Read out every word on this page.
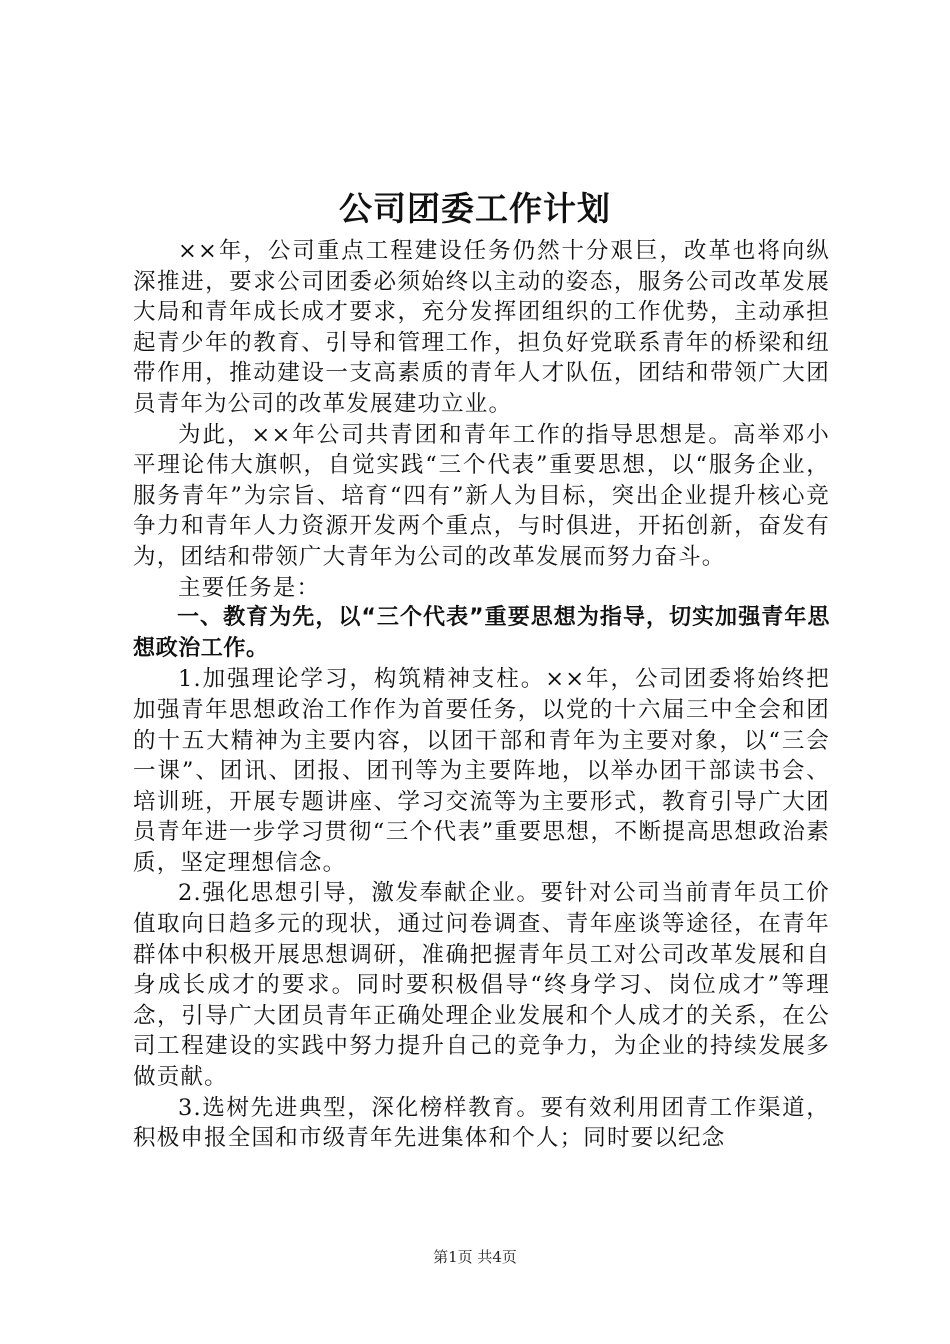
公司团委工作计划

××年，公司重点工程建设任务仍然十分艰巨，改革也将向纵深推进，要求公司团委必须始终以主动的姿态，服务公司改革发展大局和青年成长成才要求，充分发挥团组织的工作优势，主动承担起青少年的教育、引导和管理工作，担负好党联系青年的桥梁和纽带作用，推动建设一支高素质的青年人才队伍，团结和带领广大团员青年为公司的改革发展建功立业。

为此，××年公司共青团和青年工作的指导思想是。高举邓小平理论伟大旗帜，自觉实践“三个代表”重要思想，以“服务企业，服务青年”为宗旨、培育“四有”新人为目标，突出企业提升核心竞争力和青年人力资源开发两个重点，与时俱进，开拓创新，奋发有为，团结和带领广大青年为公司的改革发展而努力奋斗。

主要任务是：

一、教育为先，以“三个代表”重要思想为指导，切实加强青年思想政治工作。

1.加强理论学习，构筑精神支柱。××年，公司团委将始终把加强青年思想政治工作作为首要任务，以党的十六届三中全会和团的十五大精神为主要内容，以团干部和青年为主要对象，以“三会一课”、团讯、团报、团刊等为主要阵地，以举办团干部读书会、培训班，开展专题讲座、学习交流等为主要形式，教育引导广大团员青年进一步学习贯彻“三个代表”重要思想，不断提高思想政治素质，坚定理想信念。

2.强化思想引导，激发奉献企业。要针对公司当前青年员工价值取向日趋多元的现状，通过问卷调查、青年座谈等途径，在青年群体中积极开展思想调研，准确把握青年员工对公司改革发展和自身成长成才的要求。同时要积极倡导“终身学习、岗位成才”等理念，引导广大团员青年正确处理企业发展和个人成才的关系，在公司工程建设的实践中努力提升自己的竞争力，为企业的持续发展多做贡献。

3.选树先进典型，深化榜样教育。要有效利用团青工作渠道，积极申报全国和市级青年先进集体和个人；同时要以纪念

第1页 共4页
